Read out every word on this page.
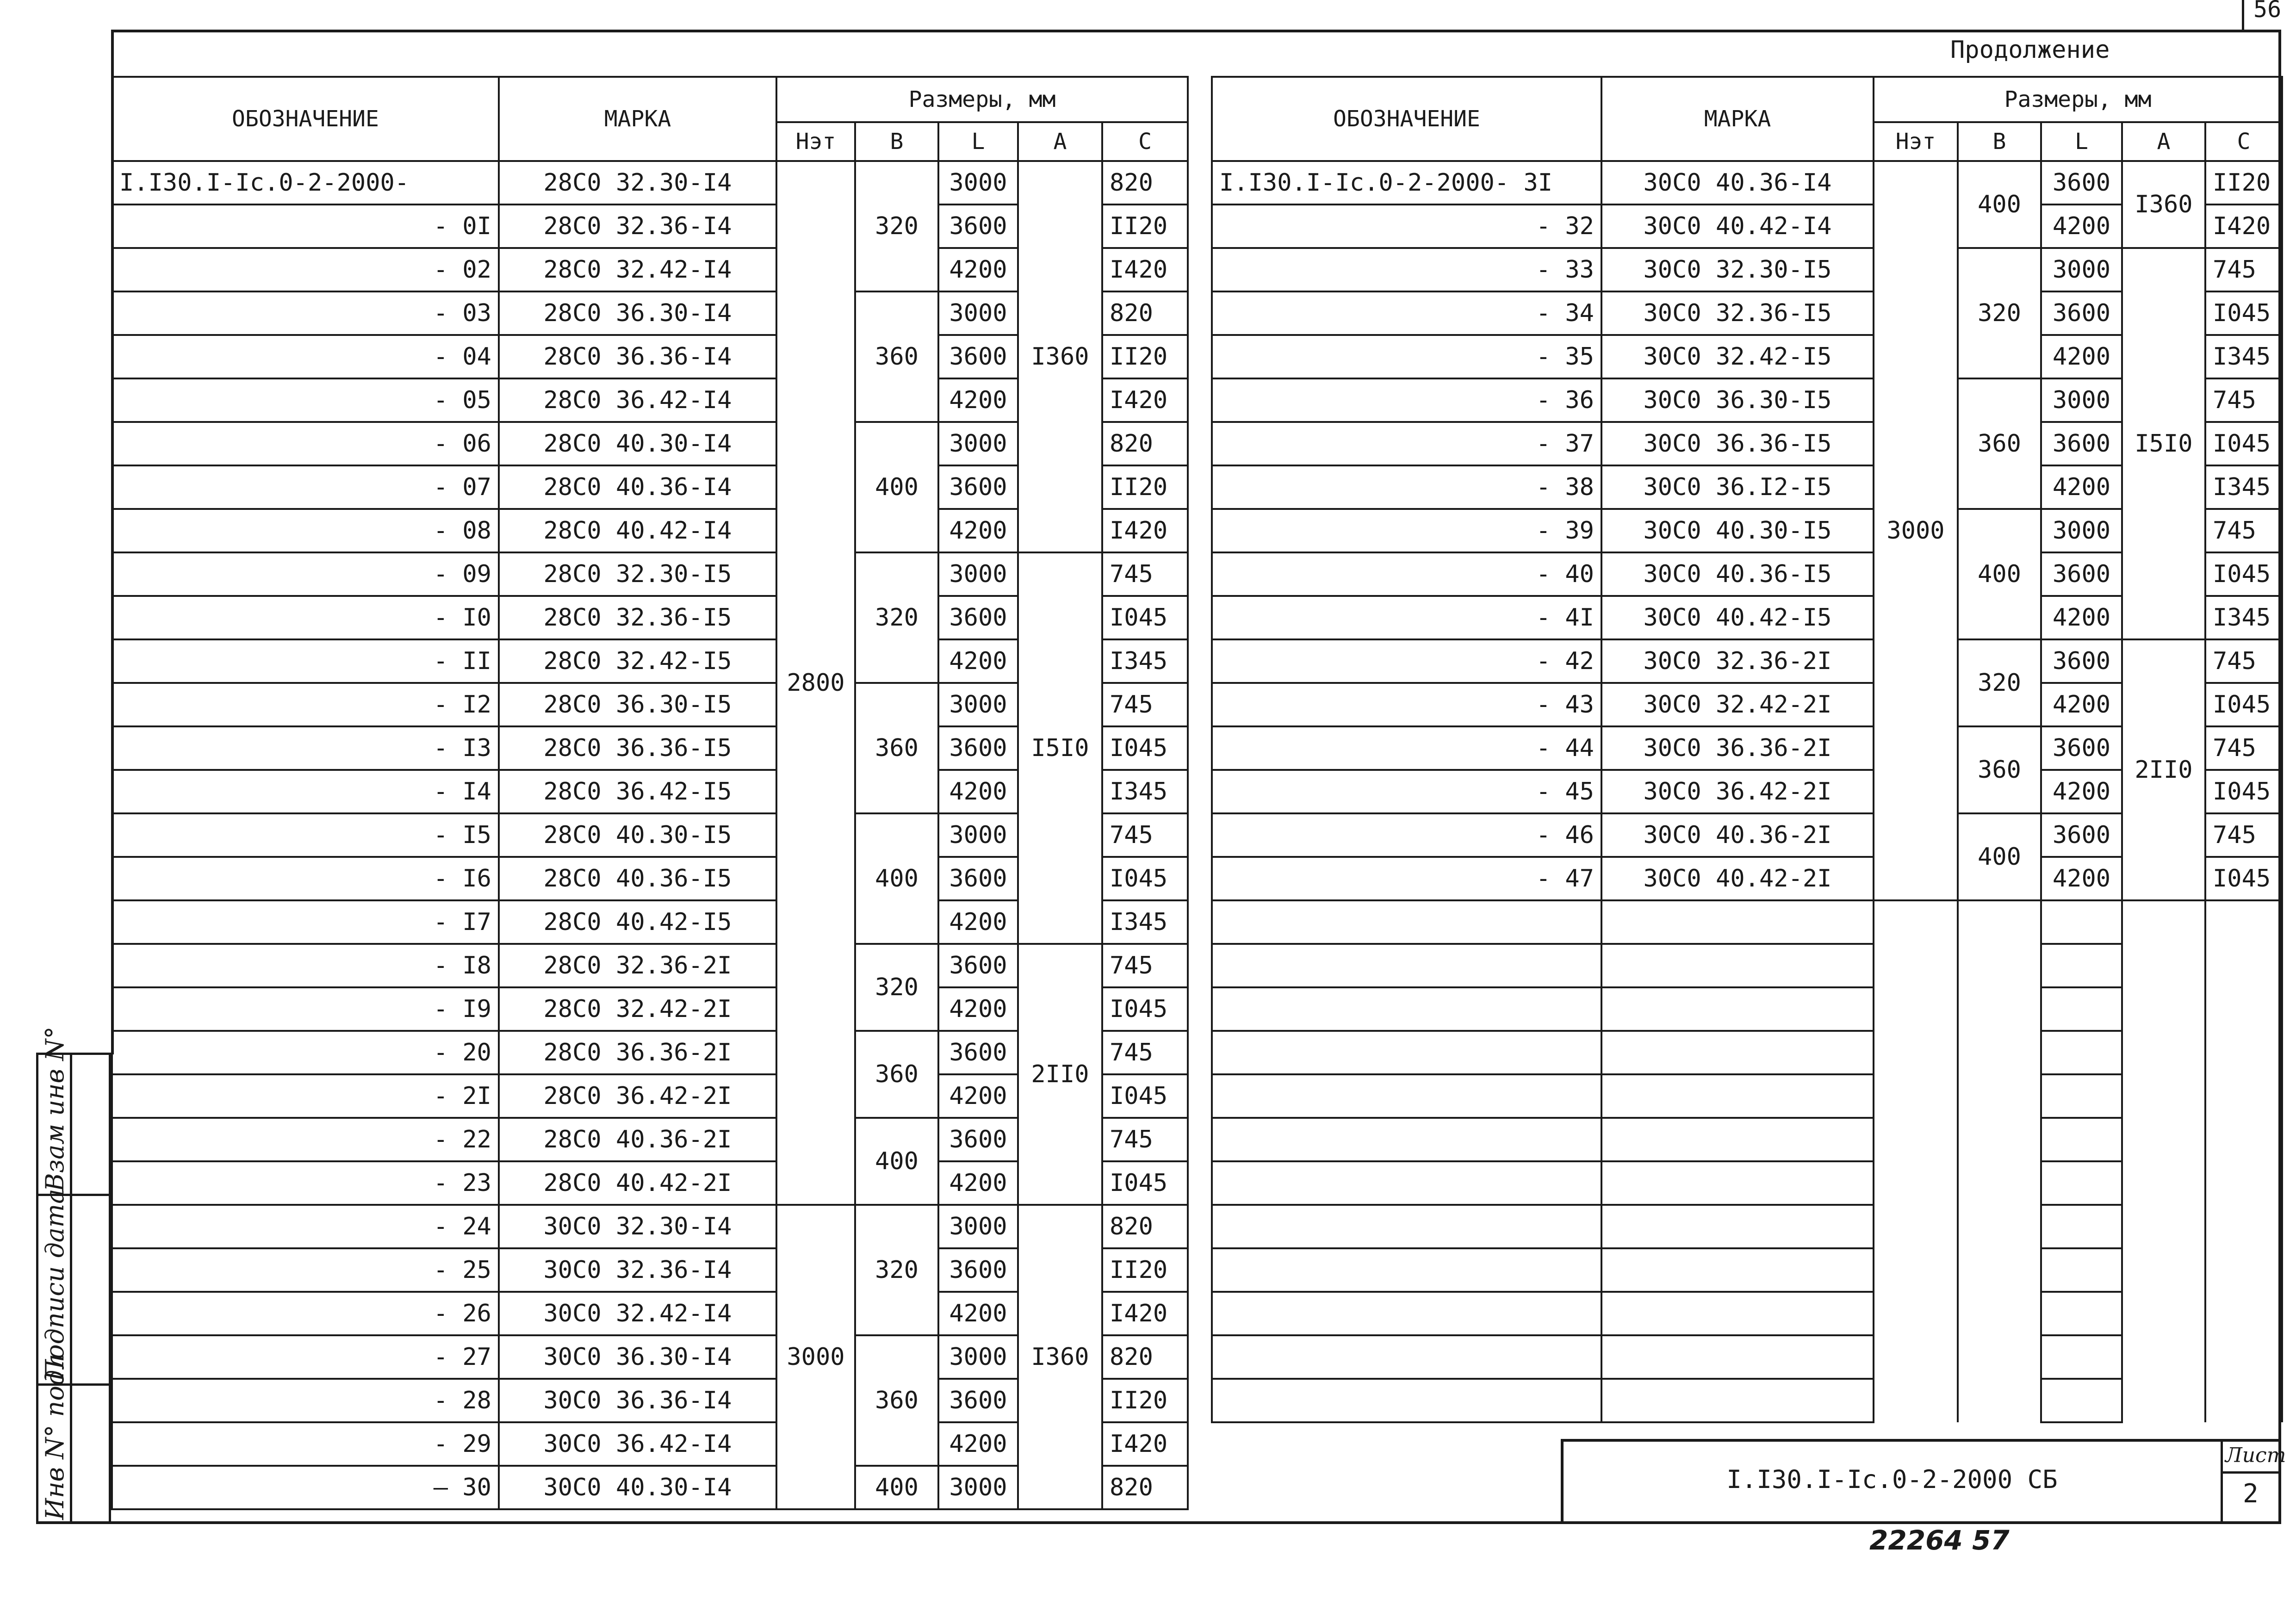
56
Продолжение
ОБОЗНАЧЕНИЕ	МАРКА	Размеры, мм				
		Нэт	В	L	А	С
I.I30.I-Ic.0-2-2000-	28С0 32.30-I4	2800	320	3000	I360	820
- 0I	28С0 32.36-I4			3600		II20
- 02	28С0 32.42-I4			4200		I420
- 03	28С0 36.30-I4		360	3000		820
- 04	28С0 36.36-I4			3600		II20
- 05	28С0 36.42-I4			4200		I420
- 06	28С0 40.30-I4		400	3000		820
- 07	28С0 40.36-I4			3600		II20
- 08	28С0 40.42-I4			4200		I420
- 09	28С0 32.30-I5		320	3000	I5I0	745
- I0	28С0 32.36-I5			3600		I045
- II	28С0 32.42-I5			4200		I345
- I2	28С0 36.30-I5		360	3000		745
- I3	28С0 36.36-I5			3600		I045
- I4	28С0 36.42-I5			4200		I345
- I5	28С0 40.30-I5		400	3000		745
- I6	28С0 40.36-I5			3600		I045
- I7	28С0 40.42-I5			4200		I345
- I8	28С0 32.36-2I		320	3600	2II0	745
- I9	28С0 32.42-2I			4200		I045
- 20	28С0 36.36-2I		360	3600		745
- 2I	28С0 36.42-2I			4200		I045
- 22	28С0 40.36-2I		400	3600		745
- 23	28С0 40.42-2I			4200		I045
- 24	30С0 32.30-I4	3000	320	3000	I360	820
- 25	30С0 32.36-I4			3600		II20
- 26	30С0 32.42-I4			4200		I420
- 27	30С0 36.30-I4		360	3000		820
- 28	30С0 36.36-I4			3600		II20
- 29	30С0 36.42-I4			4200		I420
— 30	30С0 40.30-I4		400	3000		820
ОБОЗНАЧЕНИЕ	МАРКА	Размеры, мм				
		Нэт	В	L	А	С
I.I30.I-Ic.0-2-2000- 3I	30С0 40.36-I4	3000	400	3600	I360	II20
- 32	30С0 40.42-I4			4200		I420
- 33	30С0 32.30-I5		320	3000	I5I0	745
- 34	30С0 32.36-I5			3600		I045
- 35	30С0 32.42-I5			4200		I345
- 36	30С0 36.30-I5		360	3000		745
- 37	30С0 36.36-I5			3600		I045
- 38	30С0 36.I2-I5			4200		I345
- 39	30С0 40.30-I5		400	3000		745
- 40	30С0 40.36-I5			3600		I045
- 4I	30С0 40.42-I5			4200		I345
- 42	30С0 32.36-2I		320	3600	2II0	745
- 43	30С0 32.42-2I			4200		I045
- 44	30С0 36.36-2I		360	3600		745
- 45	30С0 36.42-2I			4200		I045
- 46	30С0 40.36-2I		400	3600		745
- 47	30С0 40.42-2I			4200		I045

Инв N° подл
Подписи дата
Взам инв N°
I.I30.I-Ic.0-2-2000 СБ
Лист
2
22264 57
